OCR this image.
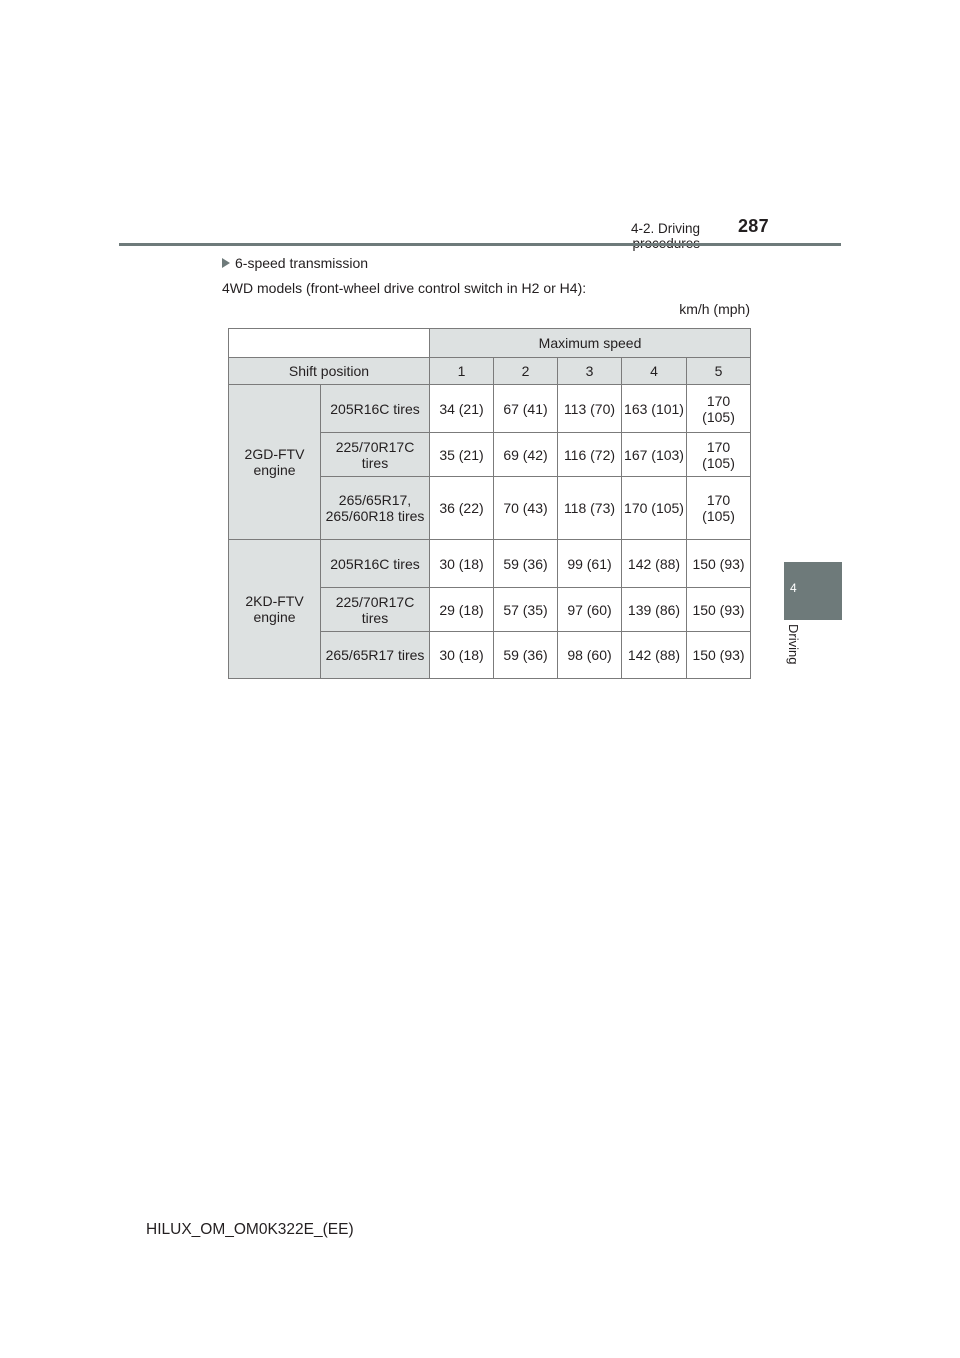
4-2. Driving 287
4
Driving
6-speed transmission
4WD models (front-wheel drive control switch in H2 or H4):
km/h (mph)
		Maximum speed				
Shift position		1	2	3	4	5
2GD-FTV engine	205R16C tires	34 (21)	67 (41)	113 (70)	163 (101)	170 (105)
	225/70R17C tires	35 (21)	69 (42)	116 (72)	167 (103)	170 (105)
	265/65R17, 265/60R18 tires	36 (22)	70 (43)	118 (73)	170 (105)	170 (105)
2KD-FTV engine	205R16C tires	30 (18)	59 (36)	99 (61)	142 (88)	150 (93)
	225/70R17C tires	29 (18)	57 (35)	97 (60)	139 (86)	150 (93)
	265/65R17 tires	30 (18)	59 (36)	98 (60)	142 (88)	150 (93)
HILUX_OM_OM0K322E_(EE)
